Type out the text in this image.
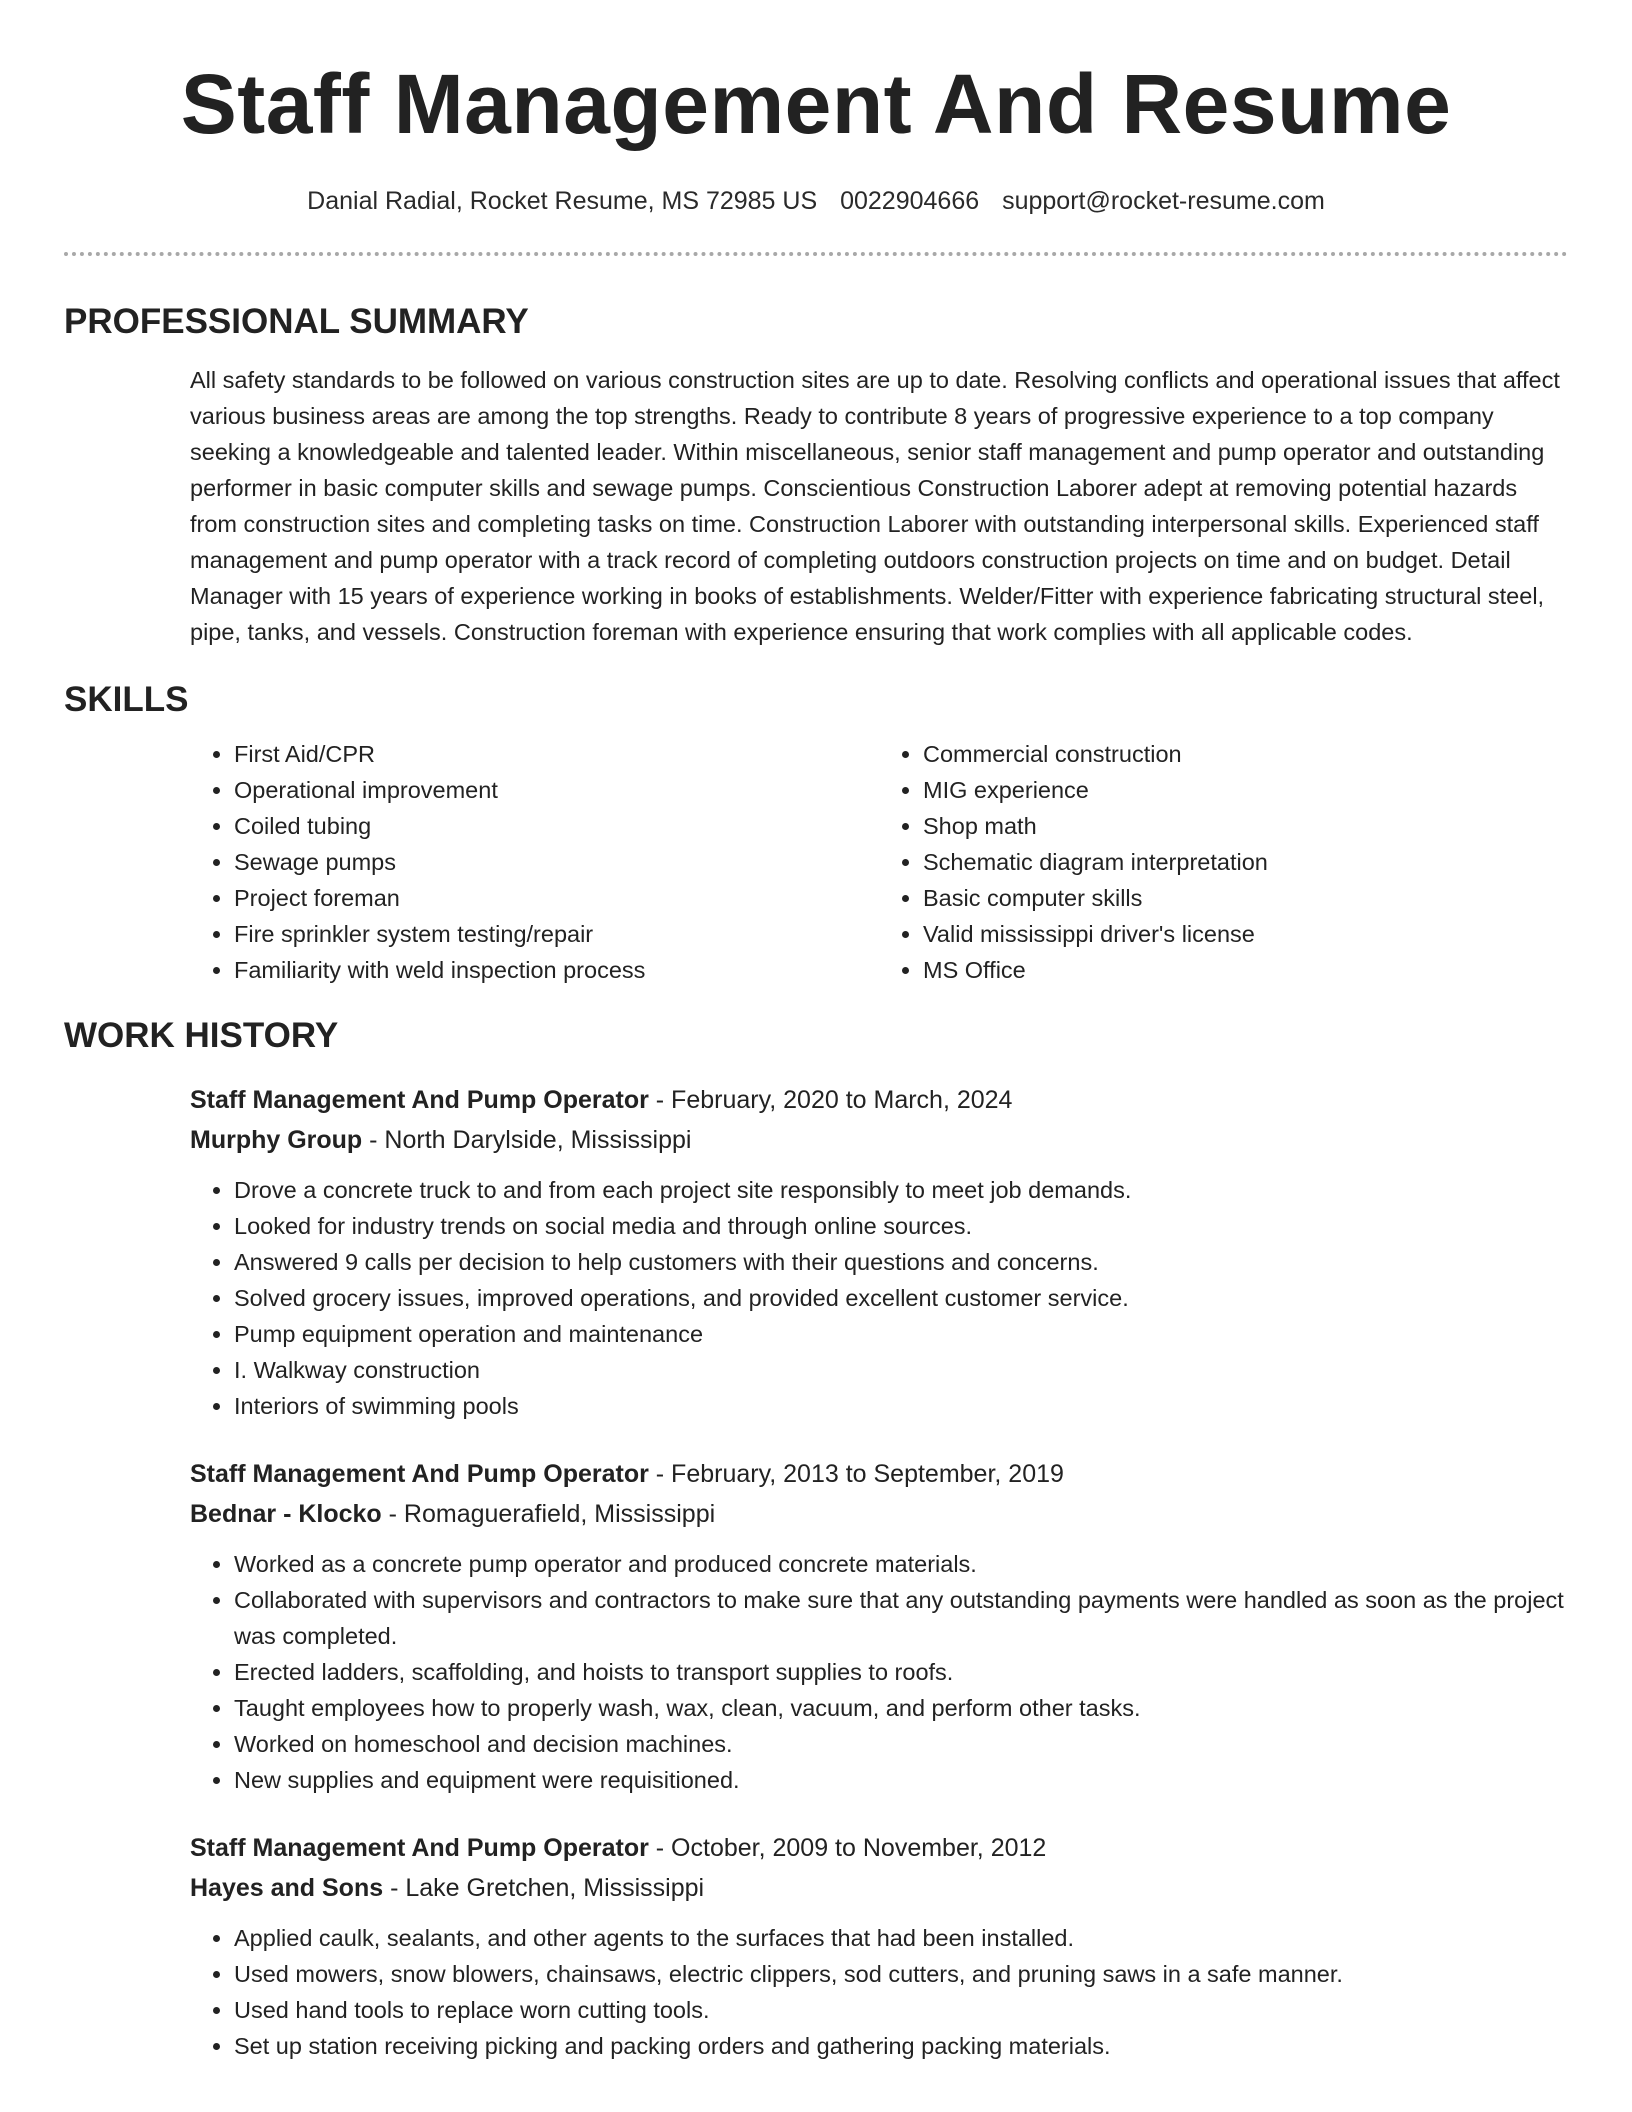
Staff Management And Resume
Danial Radial, Rocket Resume, MS 72985 US 0022904666 support@rocket-resume.com
PROFESSIONAL SUMMARY

All safety standards to be followed on various construction sites are up to date. Resolving conflicts and operational issues that affect various business areas are among the top strengths. Ready to contribute 8 years of progressive experience to a top company seeking a knowledgeable and talented leader. Within miscellaneous, senior staff management and pump operator and outstanding performer in basic computer skills and sewage pumps. Conscientious Construction Laborer adept at removing potential hazards from construction sites and completing tasks on time. Construction Laborer with outstanding interpersonal skills. Experienced staff management and pump operator with a track record of completing outdoors construction projects on time and on budget. Detail Manager with 15 years of experience working in books of establishments. Welder/Fitter with experience fabricating structural steel, pipe, tanks, and vessels. Construction foreman with experience ensuring that work complies with all applicable codes.

SKILLS
• First Aid/CPR
• Operational improvement
• Coiled tubing
• Sewage pumps
• Project foreman
• Fire sprinkler system testing/repair
• Familiarity with weld inspection process
• Commercial construction
• MIG experience
• Shop math
• Schematic diagram interpretation
• Basic computer skills
• Valid mississippi driver's license
• MS Office
WORK HISTORY
Staff Management And Pump Operator - February, 2020 to March, 2024
Murphy Group - North Darylside, Mississippi
• Drove a concrete truck to and from each project site responsibly to meet job demands.
• Looked for industry trends on social media and through online sources.
• Answered 9 calls per decision to help customers with their questions and concerns.
• Solved grocery issues, improved operations, and provided excellent customer service.
• Pump equipment operation and maintenance
• I. Walkway construction
• Interiors of swimming pools
Staff Management And Pump Operator - February, 2013 to September, 2019
Bednar - Klocko - Romaguerafield, Mississippi
• Worked as a concrete pump operator and produced concrete materials.
• Collaborated with supervisors and contractors to make sure that any outstanding payments were handled as soon as the project was completed.
• Erected ladders, scaffolding, and hoists to transport supplies to roofs.
• Taught employees how to properly wash, wax, clean, vacuum, and perform other tasks.
• Worked on homeschool and decision machines.
• New supplies and equipment were requisitioned.
Staff Management And Pump Operator - October, 2009 to November, 2012
Hayes and Sons - Lake Gretchen, Mississippi
• Applied caulk, sealants, and other agents to the surfaces that had been installed.
• Used mowers, snow blowers, chainsaws, electric clippers, sod cutters, and pruning saws in a safe manner.
• Used hand tools to replace worn cutting tools.
• Set up station receiving picking and packing orders and gathering packing materials.
